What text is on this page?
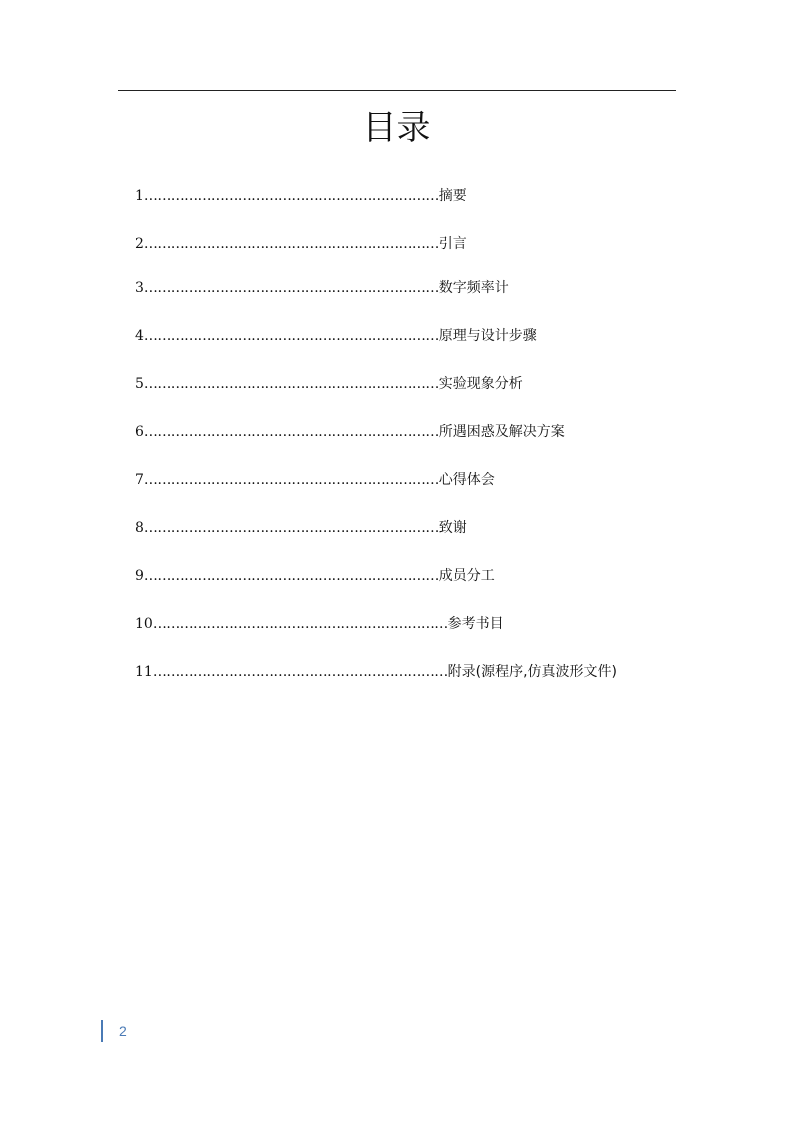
目录
1…………………………………………………………摘要
2…………………………………………………………引言
3…………………………………………………………数字频率计
4…………………………………………………………原理与设计步骤
5…………………………………………………………实验现象分析
6…………………………………………………………所遇困惑及解决方案
7…………………………………………………………心得体会
8…………………………………………………………致谢
9…………………………………………………………成员分工
10…………………………………………………………参考书目
11…………………………………………………………附录(源程序,仿真波形文件)
2
